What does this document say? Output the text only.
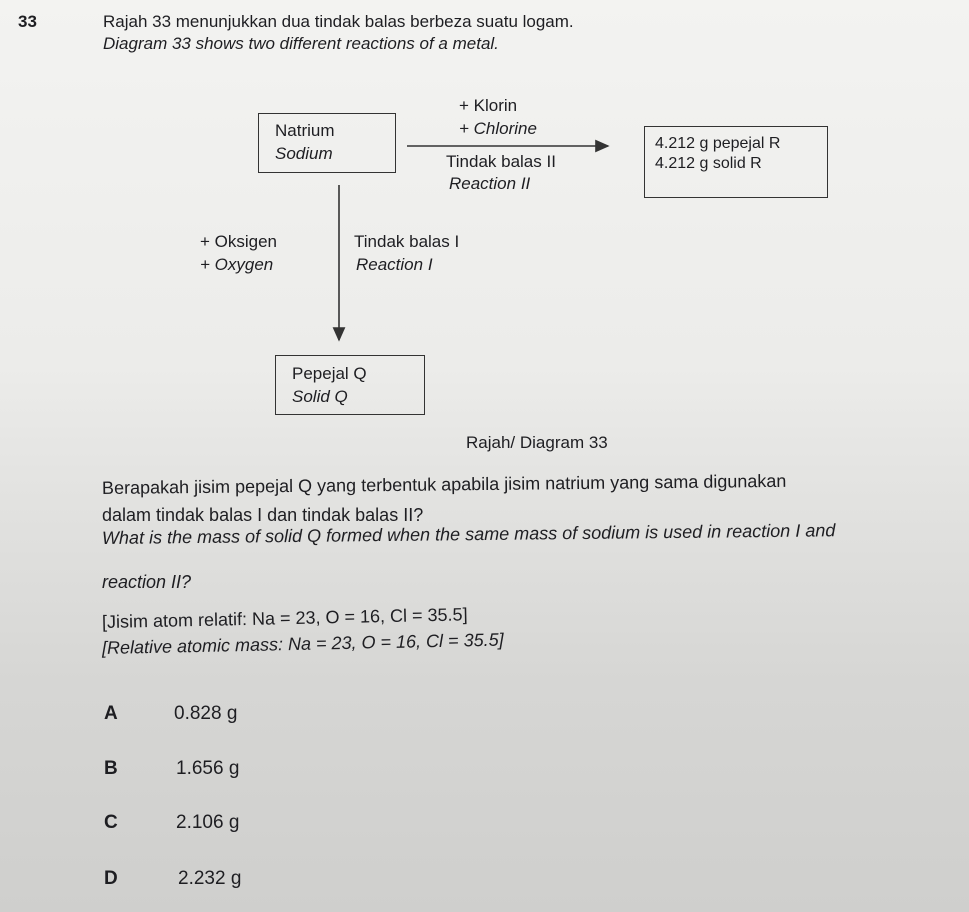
33	Rajah 33 menunjukkan dua tindak balas berbeza suatu logam.
Diagram 33 shows two different reactions of a metal.
Natrium
Sodium
+ Klorin
+ Chlorine
Tindak balas II
Reaction II
4.212 g pepejal R
4.212 g solid R
+ Oksigen
+ Oxygen
Tindak balas I
Reaction I
Pepejal Q
Solid Q
Rajah/ Diagram 33
Berapakah jisim pepejal Q yang terbentuk apabila jisim natrium yang sama digunakan
dalam tindak balas I dan tindak balas II?
What is the mass of solid Q formed when the same mass of sodium is used in reaction I and
reaction II?
[Jisim atom relatif: Na = 23, O = 16, Cl = 35.5]
[Relative atomic mass: Na = 23, O = 16, Cl = 35.5]
A	0.828 g
B	1.656 g
C	2.106 g
D	2.232 g
